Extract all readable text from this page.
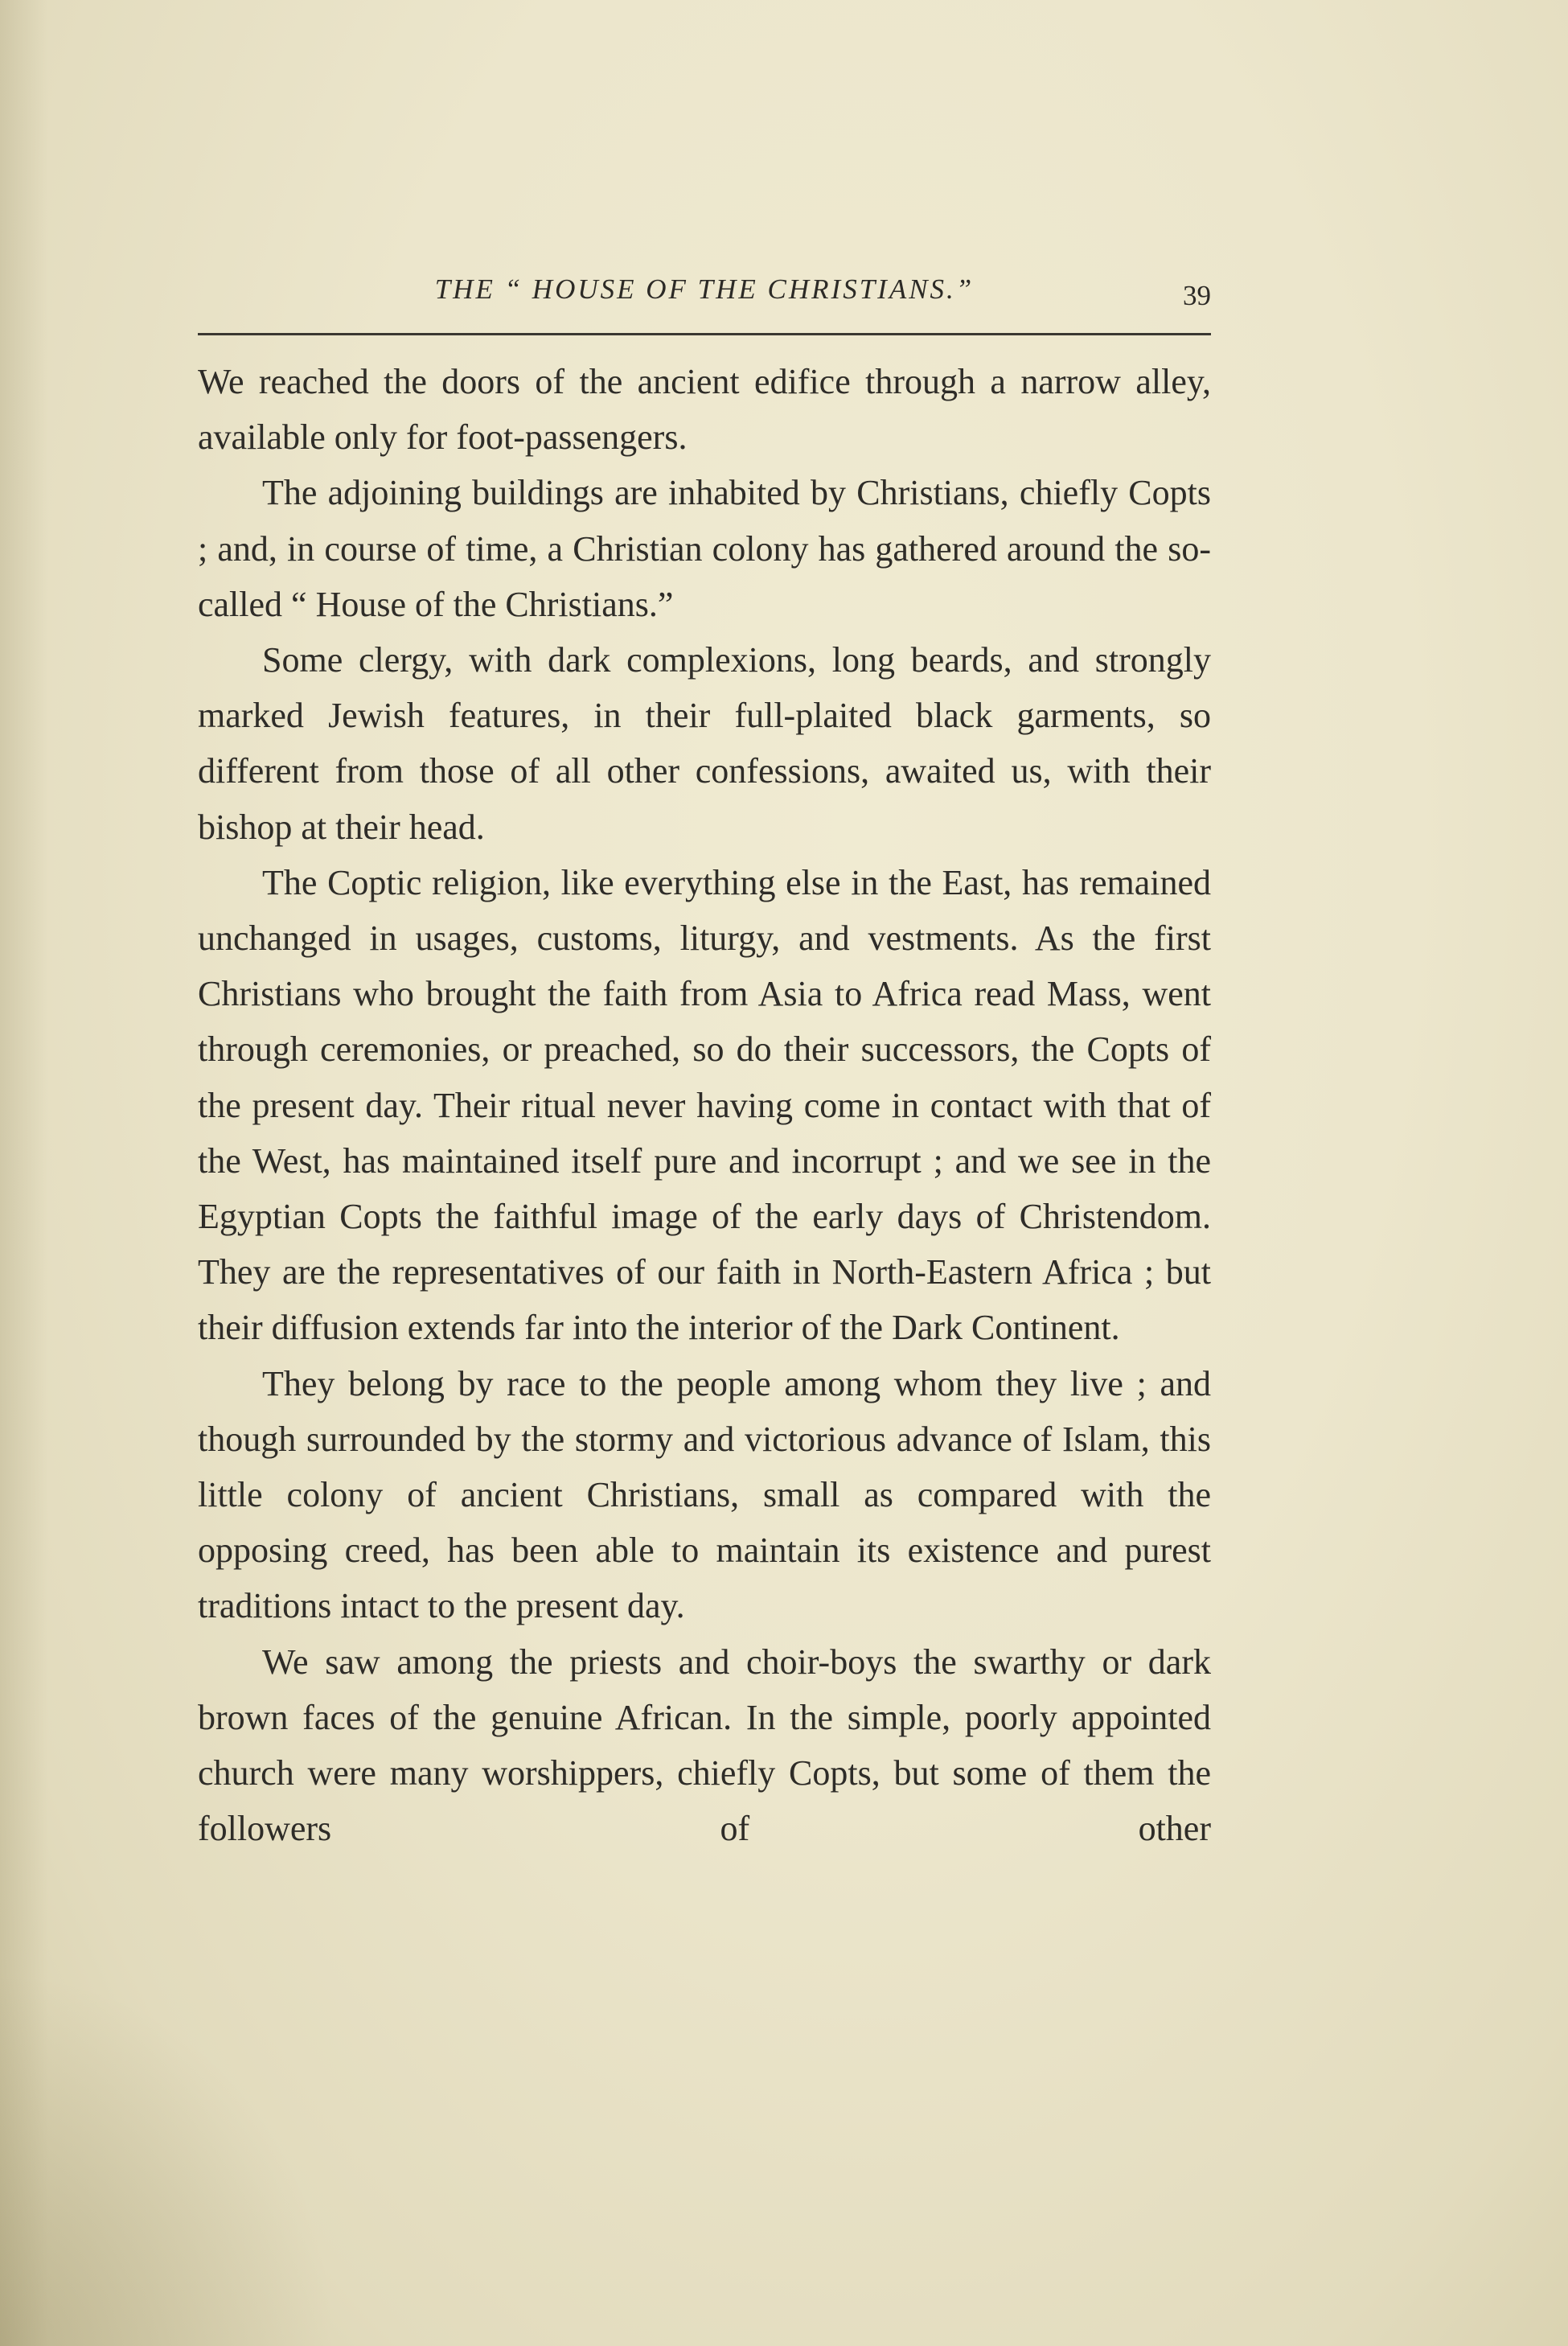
THE “ HOUSE OF THE CHRISTIANS.”	39

We reached the doors of the ancient edifice through a narrow alley, available only for foot-passengers.

The adjoining buildings are inhabited by Christians, chiefly Copts ; and, in course of time, a Christian colony has gathered around the so-called “ House of the Christians.”

Some clergy, with dark complexions, long beards, and strongly marked Jewish features, in their full-plaited black garments, so different from those of all other confessions, awaited us, with their bishop at their head.

The Coptic religion, like everything else in the East, has remained unchanged in usages, customs, liturgy, and vestments. As the first Christians who brought the faith from Asia to Africa read Mass, went through ceremonies, or preached, so do their successors, the Copts of the present day. Their ritual never having come in contact with that of the West, has maintained itself pure and incorrupt ; and we see in the Egyptian Copts the faithful image of the early days of Christendom. They are the representatives of our faith in North-Eastern Africa ; but their diffusion extends far into the interior of the Dark Continent.

They belong by race to the people among whom they live ; and though surrounded by the stormy and victorious advance of Islam, this little colony of ancient Christians, small as compared with the opposing creed, has been able to maintain its existence and purest traditions intact to the present day.

We saw among the priests and choir-boys the swarthy or dark brown faces of the genuine African. In the simple, poorly appointed church were many worshippers, chiefly Copts, but some of them the followers of other
